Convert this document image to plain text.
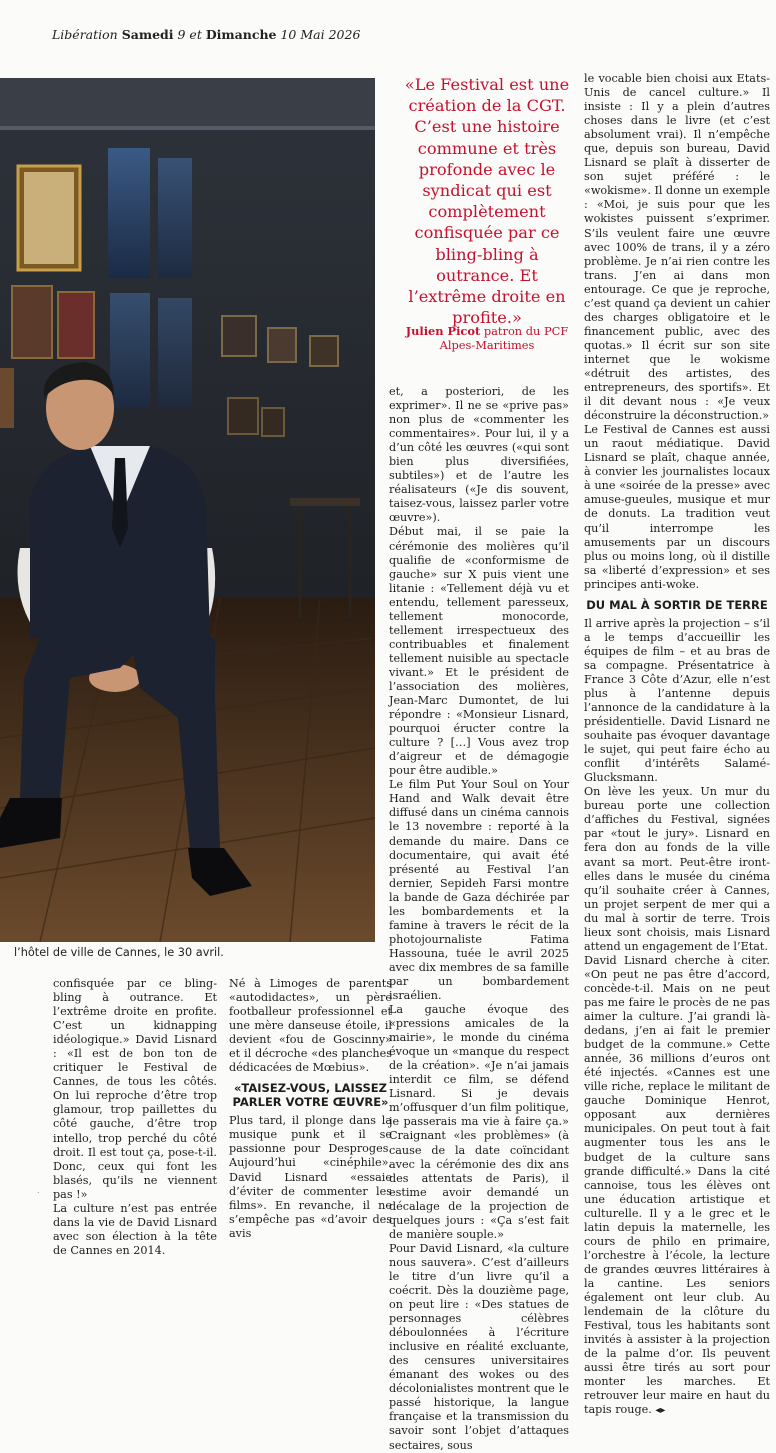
Libération Samedi 9 et Dimanche 10 Mai 2026
l’hôtel de ville de Cannes, le 30 avril.
«Le Festival est une création de la CGT. C’est une histoire commune et très profonde avec le syndicat qui est complètement confisquée par ce bling-bling à outrance. Et l’extrême droite en profite.»
Julien Picot patron du PCF Alpes-Maritimes

le vocable bien choisi aux Etats-Unis de cancel culture.» Il insiste : Il y a plein d’autres choses dans le livre (et c’est absolument vrai). Il n’empêche que, depuis son bureau, David Lisnard se plaît à disserter de son sujet préféré : le «wokisme». Il donne un exemple : «Moi, je suis pour que les wokistes puissent s’exprimer. S’ils veulent faire une œuvre avec 100% de trans, il y a zéro problème. Je n’ai rien contre les trans. J’en ai dans mon entourage. Ce que je reproche, c’est quand ça devient un cahier des charges obligatoire et le financement public, avec des quotas.» Il écrit sur son site internet que le wokisme «détruit des artistes, des entrepreneurs, des sportifs». Et il dit devant nous : «Je veux déconstruire la déconstruction.»

Le Festival de Cannes est aussi un raout médiatique. David Lisnard se plaît, chaque année, à convier les journalistes locaux à une «soirée de la presse» avec amuse-gueules, musique et mur de donuts. La tradition veut qu’il interrompe les amusements par un discours plus ou moins long, où il distille sa «liberté d’expression» et ses principes anti-woke.

DU MAL À SORTIR DE TERRE

Il arrive après la projection – s’il a le temps d’accueillir les équipes de film – et au bras de sa compagne. Présentatrice à France 3 Côte d’Azur, elle n’est plus à l’antenne depuis l’annonce de la candidature à la présidentielle. David Lisnard ne souhaite pas évoquer davantage le sujet, qui peut faire écho au conflit d’intérêts Salamé-Glucksmann.

On lève les yeux. Un mur du bureau porte une collection d’affiches du Festival, signées par «tout le jury». Lisnard en fera don au fonds de la ville avant sa mort. Peut-être iront-elles dans le musée du cinéma qu’il souhaite créer à Cannes, un projet serpent de mer qui a du mal à sortir de terre. Trois lieux sont choisis, mais Lisnard attend un engagement de l’Etat.

David Lisnard cherche à citer. «On peut ne pas être d’accord, concède-t-il. Mais on ne peut pas me faire le procès de ne pas aimer la culture. J’ai grandi là-dedans, j’en ai fait le premier budget de la commune.» Cette année, 36 millions d’euros ont été injectés. «Cannes est une ville riche, replace le militant de gauche Dominique Henrot, opposant aux dernières municipales. On peut tout à fait augmenter tous les ans le budget de la culture sans grande difficulté.» Dans la cité cannoise, tous les élèves ont une éducation artistique et culturelle. Il y a le grec et le latin depuis la maternelle, les cours de philo en primaire, l’orchestre à l’école, la lecture de grandes œuvres littéraires à la cantine. Les seniors également ont leur club. Au lendemain de la clôture du Festival, tous les habitants sont invités à assister à la projection de la palme d’or. Ils peuvent aussi être tirés au sort pour monter les marches. Et retrouver leur maire en haut du tapis rouge. ◂▸

et, a posteriori, de les exprimer». Il ne se «prive pas» non plus de «commenter les commentaires». Pour lui, il y a d’un côté les œuvres («qui sont bien plus diversifiées, subtiles») et de l’autre les réalisateurs («Je dis souvent, taisez-vous, laissez parler votre œuvre»).

Début mai, il se paie la cérémonie des molières qu’il qualifie de «conformisme de gauche» sur X puis vient une litanie : «Tellement déjà vu et entendu, tellement paresseux, tellement monocorde, tellement irrespectueux des contribuables et finalement tellement nuisible au spectacle vivant.» Et le président de l’association des molières, Jean-Marc Dumontet, de lui répondre : «Monsieur Lisnard, pourquoi éructer contre la culture ? […] Vous avez trop d’aigreur et de démagogie pour être audible.»

Le film Put Your Soul on Your Hand and Walk devait être diffusé dans un cinéma cannois le 13 novembre : reporté à la demande du maire. Dans ce documentaire, qui avait été présenté au Festival l’an dernier, Sepideh Farsi montre la bande de Gaza déchirée par les bombardements et la famine à travers le récit de la photojournaliste Fatima Hassouna, tuée le avril 2025 avec dix membres de sa famille par un bombardement israélien.

La gauche évoque des «pressions amicales de la mairie», le monde du cinéma évoque un «manque du respect de la création». «Je n’ai jamais interdit ce film, se défend Lisnard. Si je devais m’offusquer d’un film politique, je passerais ma vie à faire ça.» Craignant «les problèmes» (à cause de la date coïncidant avec la cérémonie des dix ans des attentats de Paris), il estime avoir demandé un décalage de la projection de quelques jours : «Ça s’est fait de manière souple.»

Pour David Lisnard, «la culture nous sauvera». C’est d’ailleurs le titre d’un livre qu’il a coécrit. Dès la douzième page, on peut lire : «Des statues de personnages célèbres déboulonnées à l’écriture inclusive en réalité excluante, des censures universitaires émanant des wokes ou des décolonialistes montrent que le passé historique, la langue française et la transmission du savoir sont l’objet d’attaques sectaires, sous

confisquée par ce bling-bling à outrance. Et l’extrême droite en profite. C’est un kidnapping idéologique.» David Lisnard : «Il est de bon ton de critiquer le Festival de Cannes, de tous les côtés. On lui reproche d’être trop glamour, trop paillettes du côté gauche, d’être trop intello, trop perché du côté droit. Il est tout ça, pose-t-il. Donc, ceux qui font les blasés, qu’ils ne viennent pas !»

La culture n’est pas entrée dans la vie de David Lisnard avec son élection à la tête de Cannes en 2014.

Né à Limoges de parents «autodidactes», un père footballeur professionnel et une mère danseuse étoile, il devient «fou de Goscinny» et il décroche «des planches dédicacées de Mœbius».

«TAISEZ-VOUS, LAISSEZ PARLER VOTRE ŒUVRE»

Plus tard, il plonge dans la musique punk et il se passionne pour Desproges. Aujourd’hui «cinéphile», David Lisnard «essaie d’éviter de commenter les films». En revanche, il ne s’empêche pas «d’avoir des avis

.
